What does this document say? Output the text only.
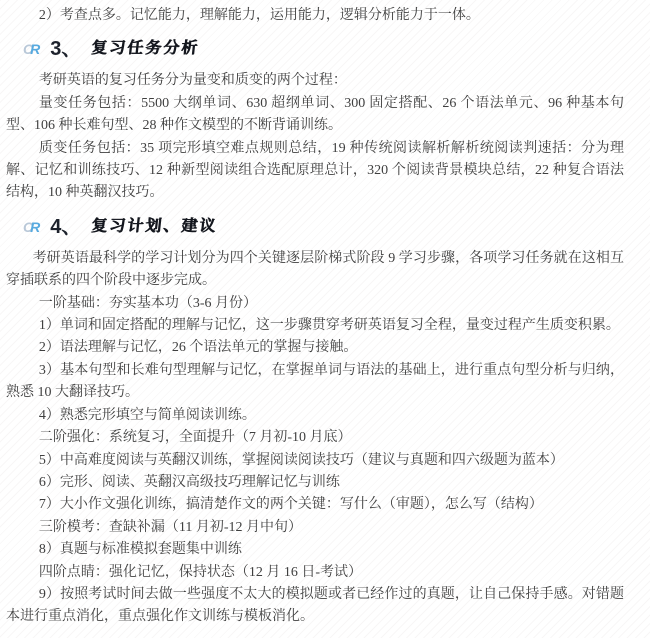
2）考查点多。记忆能力，理解能力，运用能力，逻辑分析能力于一体。

CR 3、 复习任务分析

考研英语的复习任务分为量变和质变的两个过程：

量变任务包括：5500 大纲单词、630 超纲单词、300 固定搭配、26 个语法单元、96 种基本句型、106 种长难句型、28 种作文模型的不断背诵训练。

质变任务包括：35 项完形填空难点规则总结，19 种传统阅读解析解析统阅读判速括：分为理解、记忆和训练技巧、12 种新型阅读组合选配原理总计，320 个阅读背景模块总结，22 种复合语法结构，10 种英翻汉技巧。

CR 4、 复习计划、建议

考研英语最科学的学习计划分为四个关键逐层阶梯式阶段 9 学习步骤，各项学习任务就在这相互穿插联系的四个阶段中逐步完成。

一阶基础：夯实基本功（3-6 月份）

1）单词和固定搭配的理解与记忆，这一步骤贯穿考研英语复习全程，量变过程产生质变积累。

2）语法理解与记忆，26 个语法单元的掌握与接触。

3）基本句型和长难句型理解与记忆，在掌握单词与语法的基础上，进行重点句型分析与归纳，熟悉 10 大翻译技巧。

4）熟悉完形填空与简单阅读训练。

二阶强化：系统复习，全面提升（7 月初-10 月底）

5）中高难度阅读与英翻汉训练，掌握阅读阅读技巧（建议与真题和四六级题为蓝本）

6）完形、阅读、英翻汉高级技巧理解记忆与训练

7）大小作文强化训练，搞清楚作文的两个关键：写什么（审题），怎么写（结构）

三阶模考：查缺补漏（11 月初-12 月中旬）

8）真题与标准模拟套题集中训练

四阶点睛：强化记忆，保持状态（12 月 16 日-考试）

9）按照考试时间去做一些强度不太大的模拟题或者已经作过的真题，让自己保持手感。对错题本进行重点消化，重点强化作文训练与模板消化。
